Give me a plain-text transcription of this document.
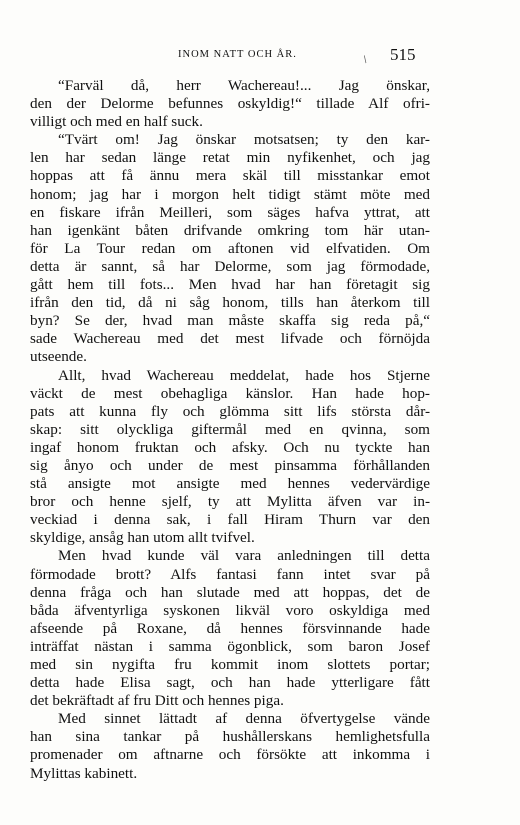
INOM NATT OCH ÅR.	/ 515

“Farväl då, herr Wachereau!... Jag önskar,
den der Delorme befunnes oskyldig!“ tillade Alf ofri-
villigt och med en half suck.

“Tvärt om! Jag önskar motsatsen; ty den kar-
len har sedan länge retat min nyfikenhet, och jag
hoppas att få ännu mera skäl till misstankar emot
honom; jag har i morgon helt tidigt stämt möte med
en fiskare ifrån Meilleri, som säges hafva yttrat, att
han igenkänt båten drifvande omkring tom här utan-
för La Tour redan om aftonen vid elfvatiden. Om
detta är sannt, så har Delorme, som jag förmodade,
gått hem till fots... Men hvad har han företagit sig
ifrån den tid, då ni såg honom, tills han återkom till
byn? Se der, hvad man måste skaffa sig reda på,“
sade Wachereau med det mest lifvade och förnöjda
utseende.

Allt, hvad Wachereau meddelat, hade hos Stjerne
väckt de mest obehagliga känslor. Han hade hop-
pats att kunna fly och glömma sitt lifs största dår-
skap: sitt olyckliga giftermål med en qvinna, som
ingaf honom fruktan och afsky. Och nu tyckte han
sig ånyo och under de mest pinsamma förhållanden
stå ansigte mot ansigte med hennes vedervärdige
bror och henne sjelf, ty att Mylitta äfven var in-
veckiad i denna sak, i fall Hiram Thurn var den
skyldige, ansåg han utom allt tvifvel.

Men hvad kunde väl vara anledningen till detta
förmodade brott? Alfs fantasi fann intet svar på
denna fråga och han slutade med att hoppas, det de
båda äfventyrliga syskonen likväl voro oskyldiga med
afseende på Roxane, då hennes försvinnande hade
inträffat nästan i samma ögonblick, som baron Josef
med sin nygifta fru kommit inom slottets portar;
detta hade Elisa sagt, och han hade ytterligare fått
det bekräftadt af fru Ditt och hennes piga.

Med sinnet lättadt af denna öfvertygelse vände
han sina tankar på hushållerskans hemlighetsfulla
promenader om aftnarne och försökte att inkomma i
Mylittas kabinett.
